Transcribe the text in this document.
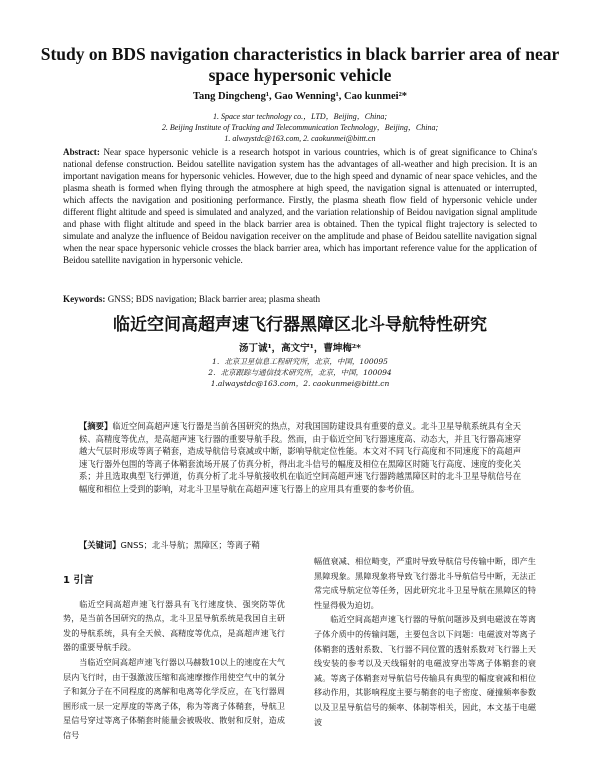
Study on BDS navigation characteristics in black barrier area of near space hypersonic vehicle
Tang Dingcheng¹, Gao Wenning¹, Cao kunmei²*
1. Space star technology co.，LTD，Beijing，China;
2. Beijing Institute of Tracking and Telecommunication Technology，Beijing，China;
1. alwaystdc@163.com, 2. caokunmei@bittt.cn
Abstract: Near space hypersonic vehicle is a research hotspot in various countries, which is of great significance to China's national defense construction. Beidou satellite navigation system has the advantages of all-weather and high precision. It is an important navigation means for hypersonic vehicles. However, due to the high speed and dynamic of near space vehicles, and the plasma sheath is formed when flying through the atmosphere at high speed, the navigation signal is attenuated or interrupted, which affects the navigation and positioning performance. Firstly, the plasma sheath flow field of hypersonic vehicle under different flight altitude and speed is simulated and analyzed, and the variation relationship of Beidou navigation signal amplitude and phase with flight altitude and speed in the black barrier area is obtained. Then the typical flight trajectory is selected to simulate and analyze the influence of Beidou navigation receiver on the amplitude and phase of Beidou satellite navigation signal when the near space hypersonic vehicle crosses the black barrier area, which has important reference value for the application of Beidou satellite navigation in hypersonic vehicle.
Keywords: GNSS; BDS navigation; Black barrier area; plasma sheath
临近空间高超声速飞行器黑障区北斗导航特性研究
汤丁诚¹，高文宁¹，曹坤梅²*
1．北京卫星信息工程研究所，北京，中国，100095
2．北京跟踪与通信技术研究所，北京，中国，100094
1.alwaystdc@163.com，2. caokunmei@bittt.cn
【摘要】临近空间高超声速飞行器是当前各国研究的热点，对我国国防建设具有重要的意义。北斗卫星导航系统具有全天候、高精度等优点，是高超声速飞行器的重要导航手段。然而，由于临近空间飞行器速度高、动态大，并且飞行器高速穿越大气层时形成等离子鞘套，造成导航信号衰减或中断，影响导航定位性能。本文对不同飞行高度和不同速度下的高超声速飞行器外包围的等离子体鞘套流场开展了仿真分析，得出北斗信号的幅度及相位在黑障区时随飞行高度、速度的变化关系；并且选取典型飞行弹道，仿真分析了北斗导航接收机在临近空间高超声速飞行器跨越黑障区时的北斗卫星导航信号在幅度和相位上受到的影响，对北斗卫星导航在高超声速飞行器上的应用具有重要的参考价值。
【关键词】GNSS；北斗导航；黑障区；等离子鞘
1 引言

临近空间高超声速飞行器具有飞行速度快、强突防等优势，是当前各国研究的热点，北斗卫星导航系统是我国自主研发的导航系统，具有全天候、高精度等优点，是高超声速飞行器的重要导航手段。

当临近空间高超声速飞行器以马赫数10以上的速度在大气层内飞行时，由于强激波压缩和高速摩擦作用使空气中的氧分子和氮分子在不同程度的离解和电离等化学反应，在飞行器周围形成一层一定厚度的等离子体，称为等离子体鞘套，导航卫星信号穿过等离子体鞘套时能量会被吸收、散射和反射，造成信号

幅值衰减、相位畸变，严重时导致导航信号传输中断，即产生黑障现象。黑障现象将导致飞行器北斗导航信号中断，无法正常完成导航定位等任务，因此研究北斗卫星导航在黑障区的特性显得极为迫切。

临近空间高超声速飞行器的导航问题涉及到电磁波在等离子体介质中的传输问题，主要包含以下问题：电磁波对等离子体鞘套的透射系数、飞行器不同位置的透射系数对飞行器上天线安装的参考以及天线辐射的电磁波穿出等离子体鞘套的衰减。等离子体鞘套对导航信号传输具有典型的幅度衰减和相位移动作用，其影响程度主要与鞘套的电子密度、碰撞频率参数以及卫星导航信号的频率、体制等相关，因此，本文基于电磁波
